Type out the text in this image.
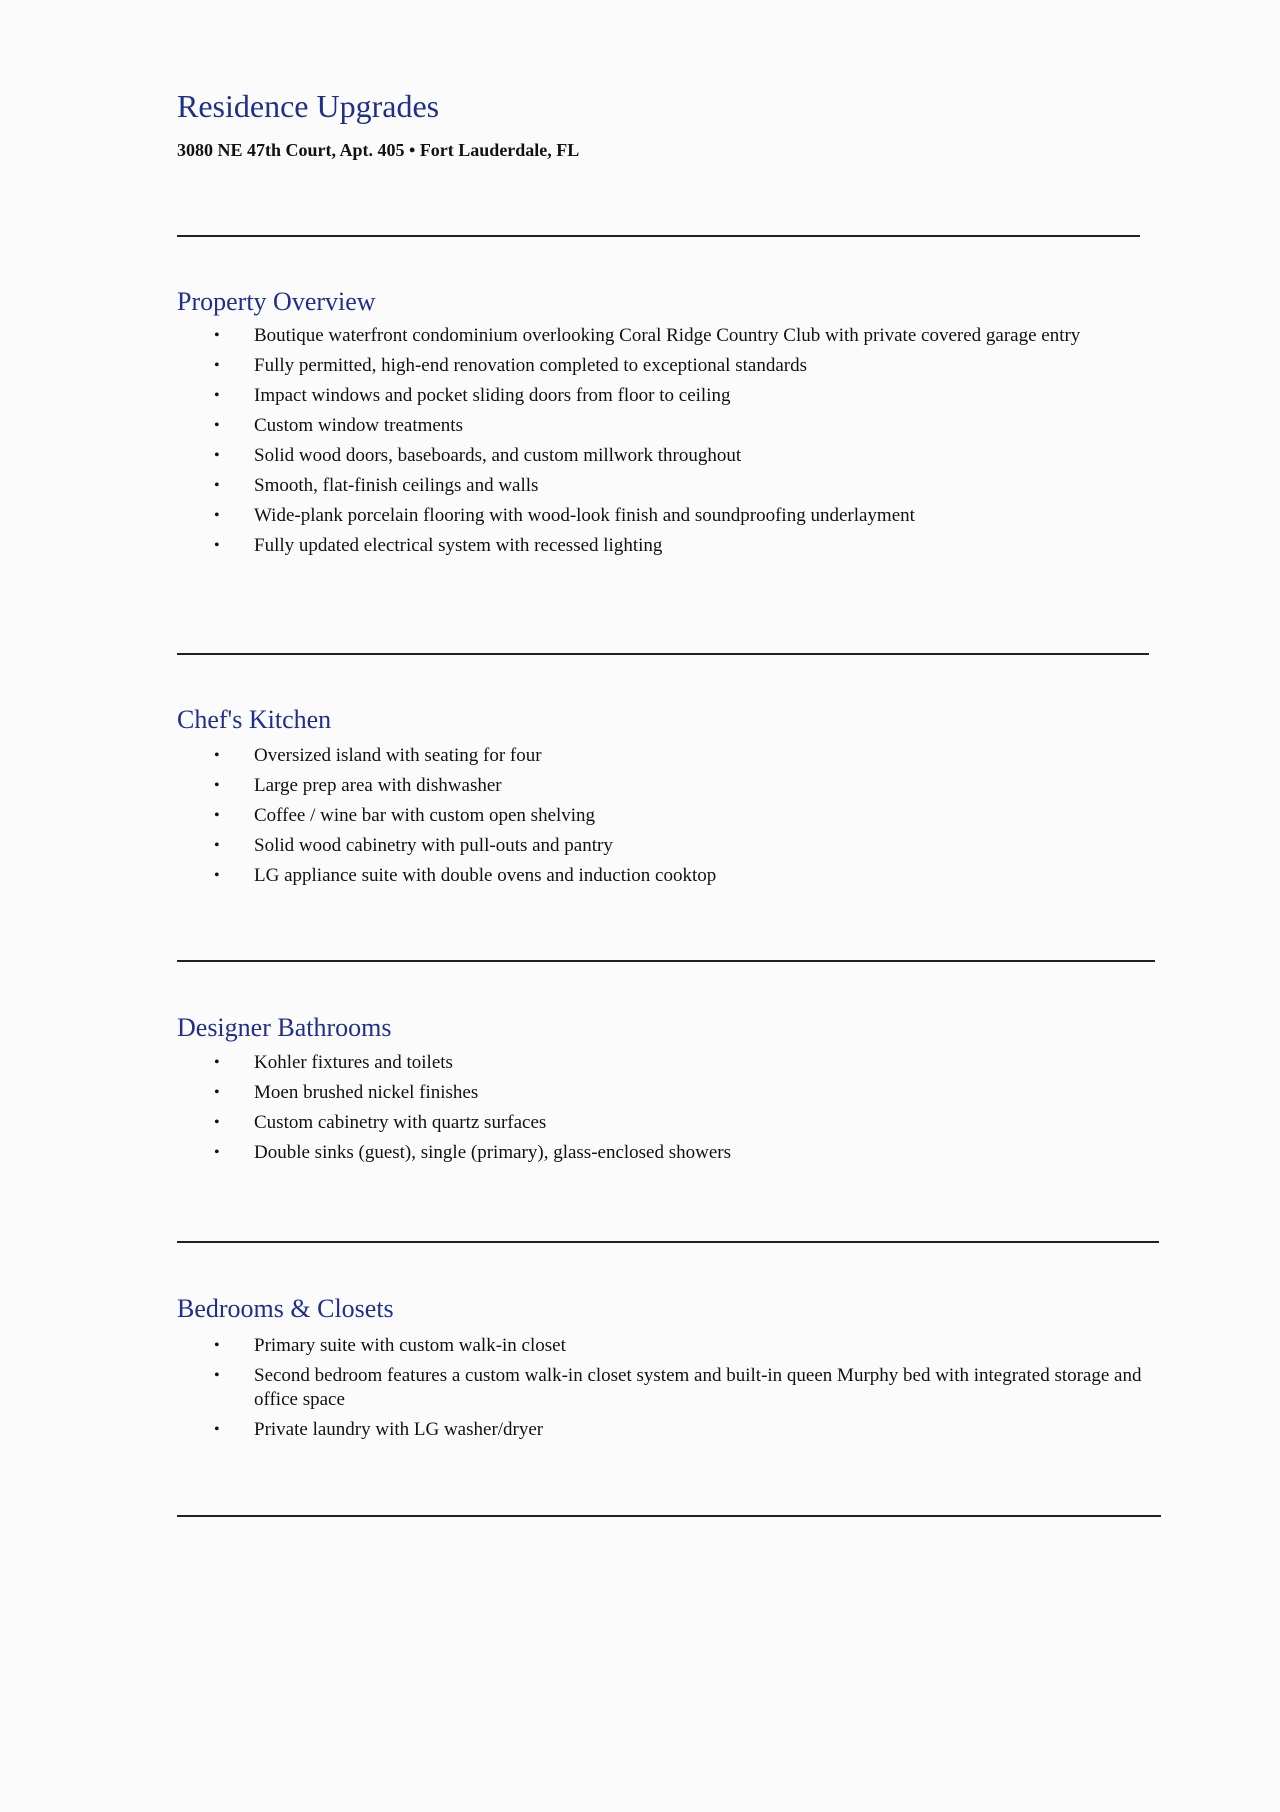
Residence Upgrades
3080 NE 47th Court, Apt. 405 • Fort Lauderdale, FL
Property Overview
• Boutique waterfront condominium overlooking Coral Ridge Country Club with private covered garage entry
• Fully permitted, high-end renovation completed to exceptional standards
• Impact windows and pocket sliding doors from floor to ceiling
• Custom window treatments
• Solid wood doors, baseboards, and custom millwork throughout
• Smooth, flat-finish ceilings and walls
• Wide-plank porcelain flooring with wood-look finish and soundproofing underlayment
• Fully updated electrical system with recessed lighting
Chef's Kitchen
• Oversized island with seating for four
• Large prep area with dishwasher
• Coffee / wine bar with custom open shelving
• Solid wood cabinetry with pull-outs and pantry
• LG appliance suite with double ovens and induction cooktop
Designer Bathrooms
• Kohler fixtures and toilets
• Moen brushed nickel finishes
• Custom cabinetry with quartz surfaces
• Double sinks (guest), single (primary), glass-enclosed showers
Bedrooms & Closets
• Primary suite with custom walk-in closet
• Second bedroom features a custom walk-in closet system and built-in queen Murphy bed with integrated storage and office space
• Private laundry with LG washer/dryer
